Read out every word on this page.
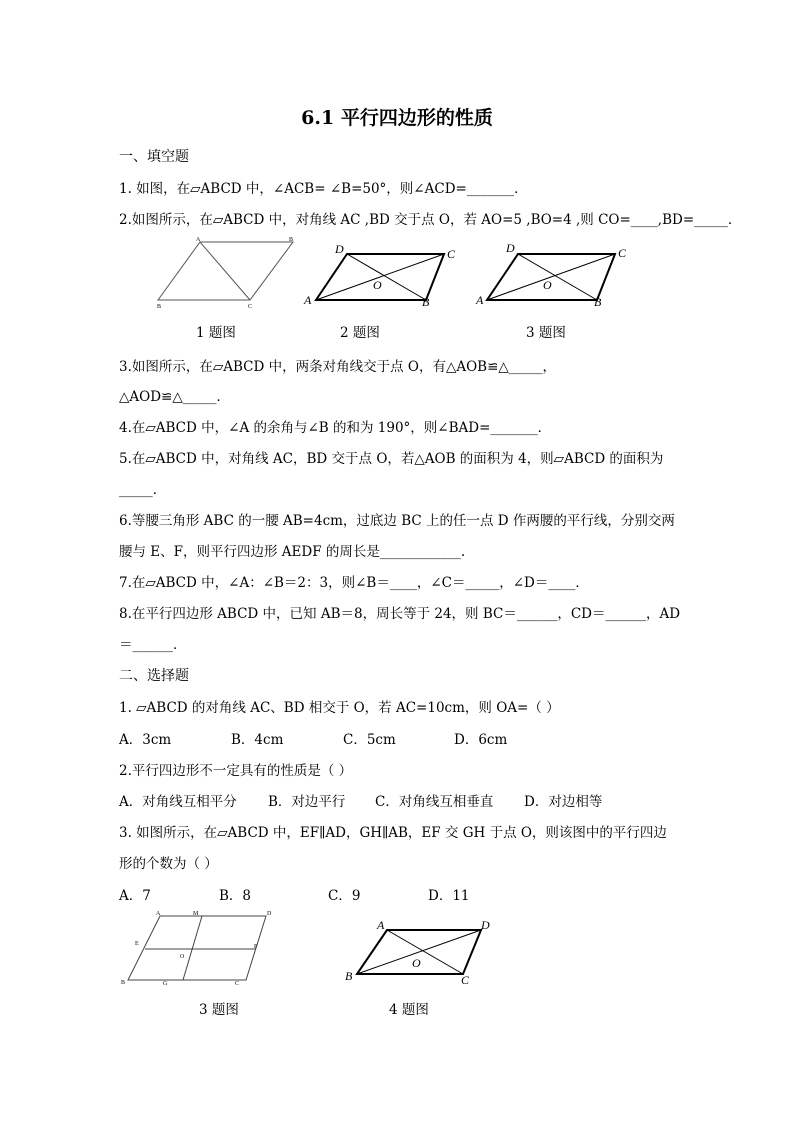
6.1 平行四边形的性质
一、填空题
1. 如图，在▱ABCD 中，∠ACB= ∠B=50°，则∠ACD=_______．
2.如图所示，在▱ABCD 中，对角线 AC ,BD 交于点 O，若 AO=5 ,BO=4 ,则 CO=____,BD=_____．
A	B
B	C
D	C
O
A	B
D	C
O
A	B
1 题图	2 题图	3 题图
3.如图所示，在▱ABCD 中，两条对角线交于点 O，有△AOB≌△_____，
△AOD≌△_____．
4.在▱ABCD 中，∠A 的余角与∠B 的和为 190°，则∠BAD=_______．
5.在▱ABCD 中，对角线 AC，BD 交于点 O，若△AOB 的面积为 4，则▱ABCD 的面积为
_____．
6.等腰三角形 ABC 的一腰 AB=4cm，过底边 BC 上的任一点 D 作两腰的平行线，分别交两
腰与 E、F，则平行四边形 AEDF 的周长是____________.
7.在▱ABCD 中，∠A：∠B＝2：3，则∠B＝____，∠C＝_____，∠D＝____．
8.在平行四边形 ABCD 中，已知 AB＝8，周长等于 24，则 BC＝______，CD＝______，AD
＝______．
二、选择题
1. ▱ABCD 的对角线 AC、BD 相交于 O，若 AC=10cm，则 OA=（ ）
A．3cm	B．4cm	C．5cm	D．6cm
2.平行四边形不一定具有的性质是（ ）
A．对角线互相平分 B．对边平行 C．对角线互相垂直 D．对边相等
3. 如图所示，在▱ABCD 中，EF∥AD，GH∥AB，EF 交 GH 于点 O，则该图中的平行四边
形的个数为（ ）
A．7	B．8	C．9	D．11
A	M	D
E	F
O
B	G	C
A	D
O
B	C
3 题图	4 题图
